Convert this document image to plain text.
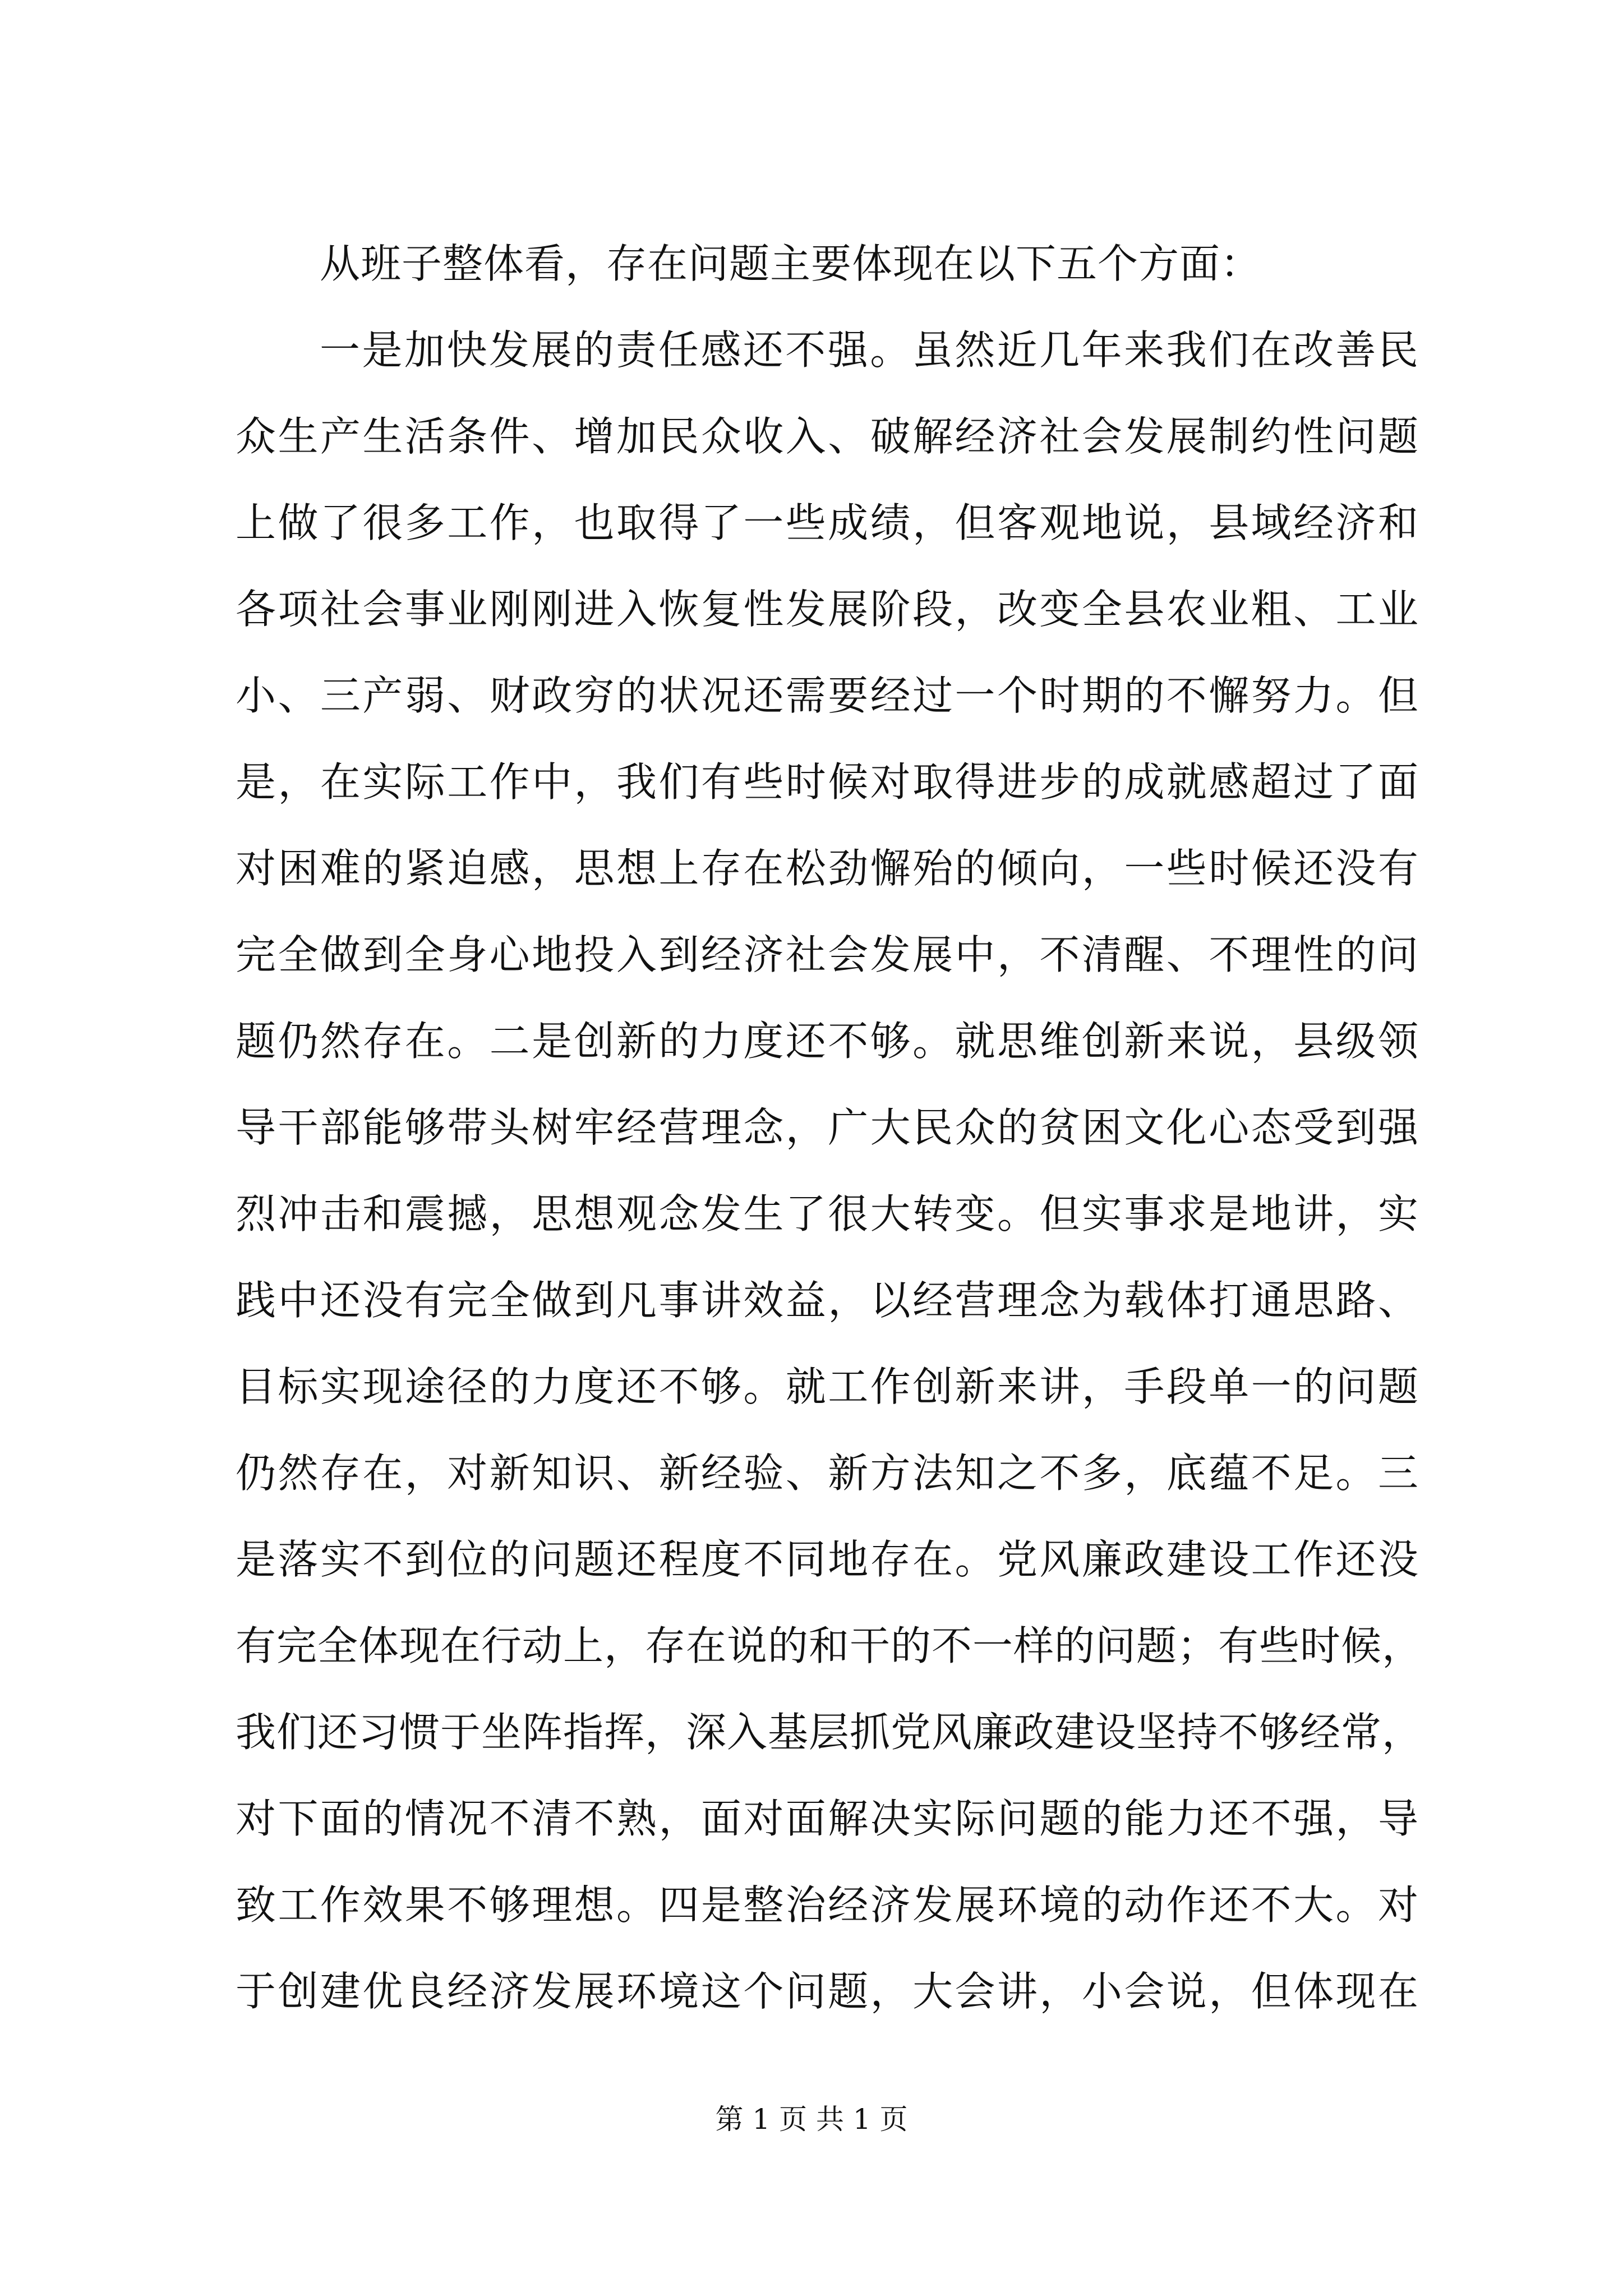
从班子整体看，存在问题主要体现在以下五个方面：
一是加快发展的责任感还不强。虽然近几年来我们在改善民
众生产生活条件、增加民众收入、破解经济社会发展制约性问题
上做了很多工作，也取得了一些成绩，但客观地说，县域经济和
各项社会事业刚刚进入恢复性发展阶段，改变全县农业粗、工业
小、三产弱、财政穷的状况还需要经过一个时期的不懈努力。但
是，在实际工作中，我们有些时候对取得进步的成就感超过了面
对困难的紧迫感，思想上存在松劲懈殆的倾向，一些时候还没有
完全做到全身心地投入到经济社会发展中，不清醒、不理性的问
题仍然存在。二是创新的力度还不够。就思维创新来说，县级领
导干部能够带头树牢经营理念，广大民众的贫困文化心态受到强
烈冲击和震撼，思想观念发生了很大转变。但实事求是地讲，实
践中还没有完全做到凡事讲效益，以经营理念为载体打通思路、
目标实现途径的力度还不够。就工作创新来讲，手段单一的问题
仍然存在，对新知识、新经验、新方法知之不多，底蕴不足。三
是落实不到位的问题还程度不同地存在。党风廉政建设工作还没
有完全体现在行动上，存在说的和干的不一样的问题；有些时候，
我们还习惯于坐阵指挥，深入基层抓党风廉政建设坚持不够经常，
对下面的情况不清不熟，面对面解决实际问题的能力还不强，导
致工作效果不够理想。四是整治经济发展环境的动作还不大。对
于创建优良经济发展环境这个问题，大会讲，小会说，但体现在
第 1 页 共 1 页
